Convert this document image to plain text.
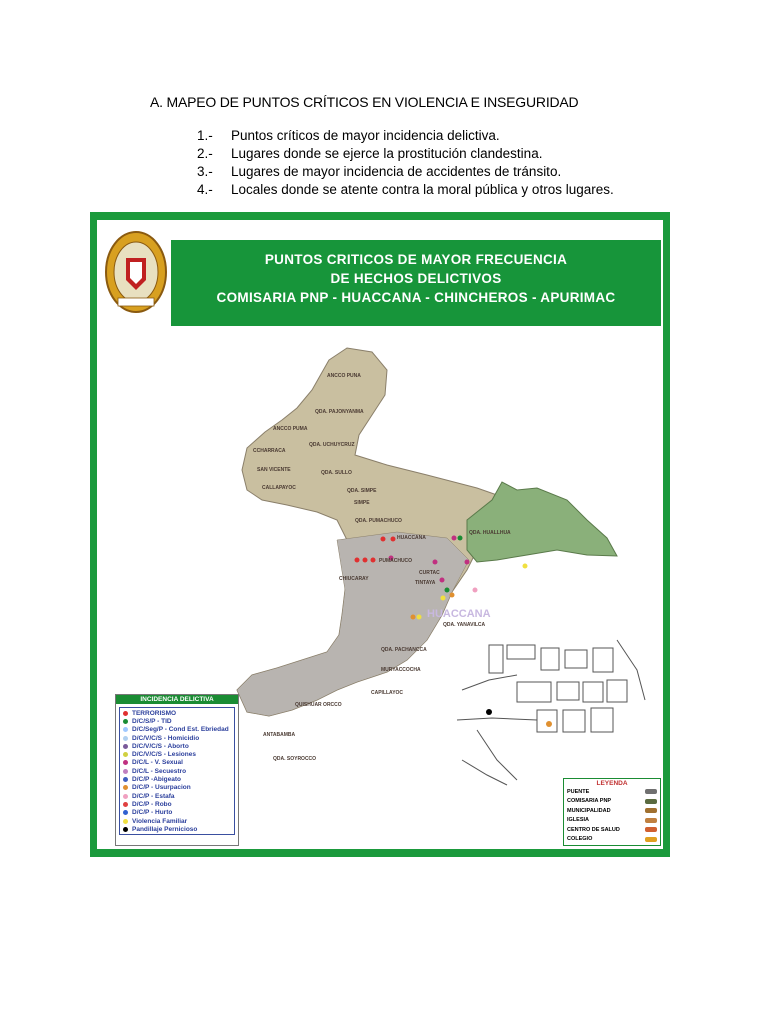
A. MAPEO DE PUNTOS CRÍTICOS EN VIOLENCIA E INSEGURIDAD
1.-	Puntos críticos de mayor incidencia delictiva.
2.-	Lugares donde se ejerce la prostitución clandestina.
3.-	Lugares de mayor incidencia de accidentes de tránsito.
4.-	Locales donde se atente contra la moral pública y otros lugares.
ANCCO PUNA
QDA. PAJONYANMA
ANCCO PUMA
QDA. UCHUYCRUZ
CCHARRACA
SAN VICENTE	QDA. SULLO
CALLAPAYOC	QDA. SIMPE
SIMPE
QDA. PUMACHUCO
HUACCANA
QDA. HUALLHUA
PUMACHUCO
CHIUCARAY
CURTAC
TINTAYA
QDA. YANAVILCA
QDA. PACHANCCA
MURYACCOCHA
CAPILLAYOC
QUISHUAR ORCCO
ANTABAMBA
QDA. SOYROCCO
HUACCANA
PUNTOS CRITICOS DE MAYOR FRECUENCIA
DE HECHOS DELICTIVOS
COMISARIA PNP - HUACCANA - CHINCHEROS - APURIMAC
INCIDENCIA DELICTIVA
TERRORISMO
D/C/S/P - TID
D/C/Seg/P - Cond Est. Ebriedad
D/C/V/C/S - Homicidio
D/C/V/C/S - Aborto
D/C/V/C/S - Lesiones
D/C/L - V. Sexual
D/C/L - Secuestro
D/C/P -Abigeato
D/C/P - Usurpacion
D/C/P - Estafa
D/C/P - Robo
D/C/P - Hurto
Violencia Familiar
Pandillaje Pernicioso
LEYENDA
PUENTE
COMISARIA PNP
MUNICIPALIDAD
IGLESIA
CENTRO DE SALUD
COLEGIO
